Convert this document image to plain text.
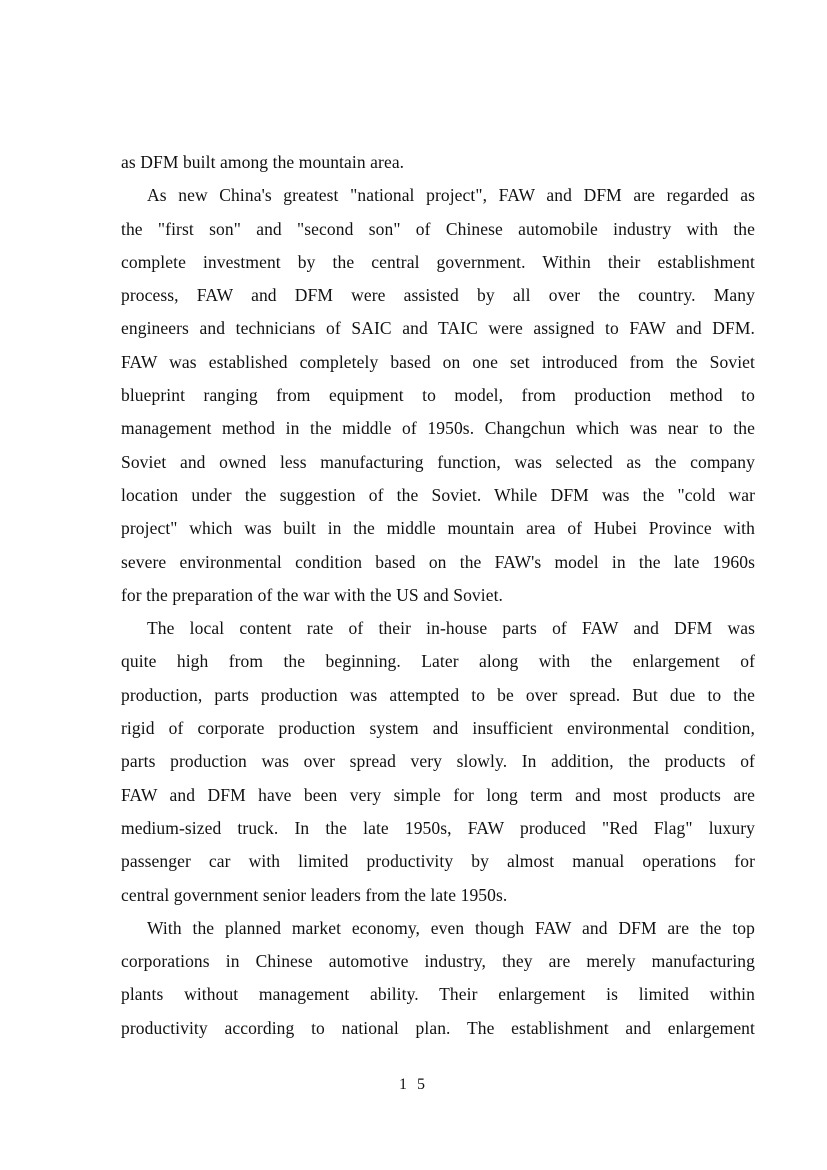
as DFM built among the mountain area.
As new China's greatest "national project", FAW and DFM are regarded as
the "first son" and "second son" of Chinese automobile industry with the
complete investment by the central government. Within their establishment
process, FAW and DFM were assisted by all over the country. Many
engineers and technicians of SAIC and TAIC were assigned to FAW and DFM.
FAW was established completely based on one set introduced from the Soviet
blueprint ranging from equipment to model, from production method to
management method in the middle of 1950s. Changchun which was near to the
Soviet and owned less manufacturing function, was selected as the company
location under the suggestion of the Soviet. While DFM was the "cold war
project" which was built in the middle mountain area of Hubei Province with
severe environmental condition based on the FAW's model in the late 1960s
for the preparation of the war with the US and Soviet.
The local content rate of their in-house parts of FAW and DFM was
quite high from the beginning. Later along with the enlargement of
production, parts production was attempted to be over spread. But due to the
rigid of corporate production system and insufficient environmental condition,
parts production was over spread very slowly. In addition, the products of
FAW and DFM have been very simple for long term and most products are
medium-sized truck. In the late 1950s, FAW produced "Red Flag" luxury
passenger car with limited productivity by almost manual operations for
central government senior leaders from the late 1950s.
With the planned market economy, even though FAW and DFM are the top
corporations in Chinese automotive industry, they are merely manufacturing
plants without management ability. Their enlargement is limited within
productivity according to national plan. The establishment and enlargement
1 5
